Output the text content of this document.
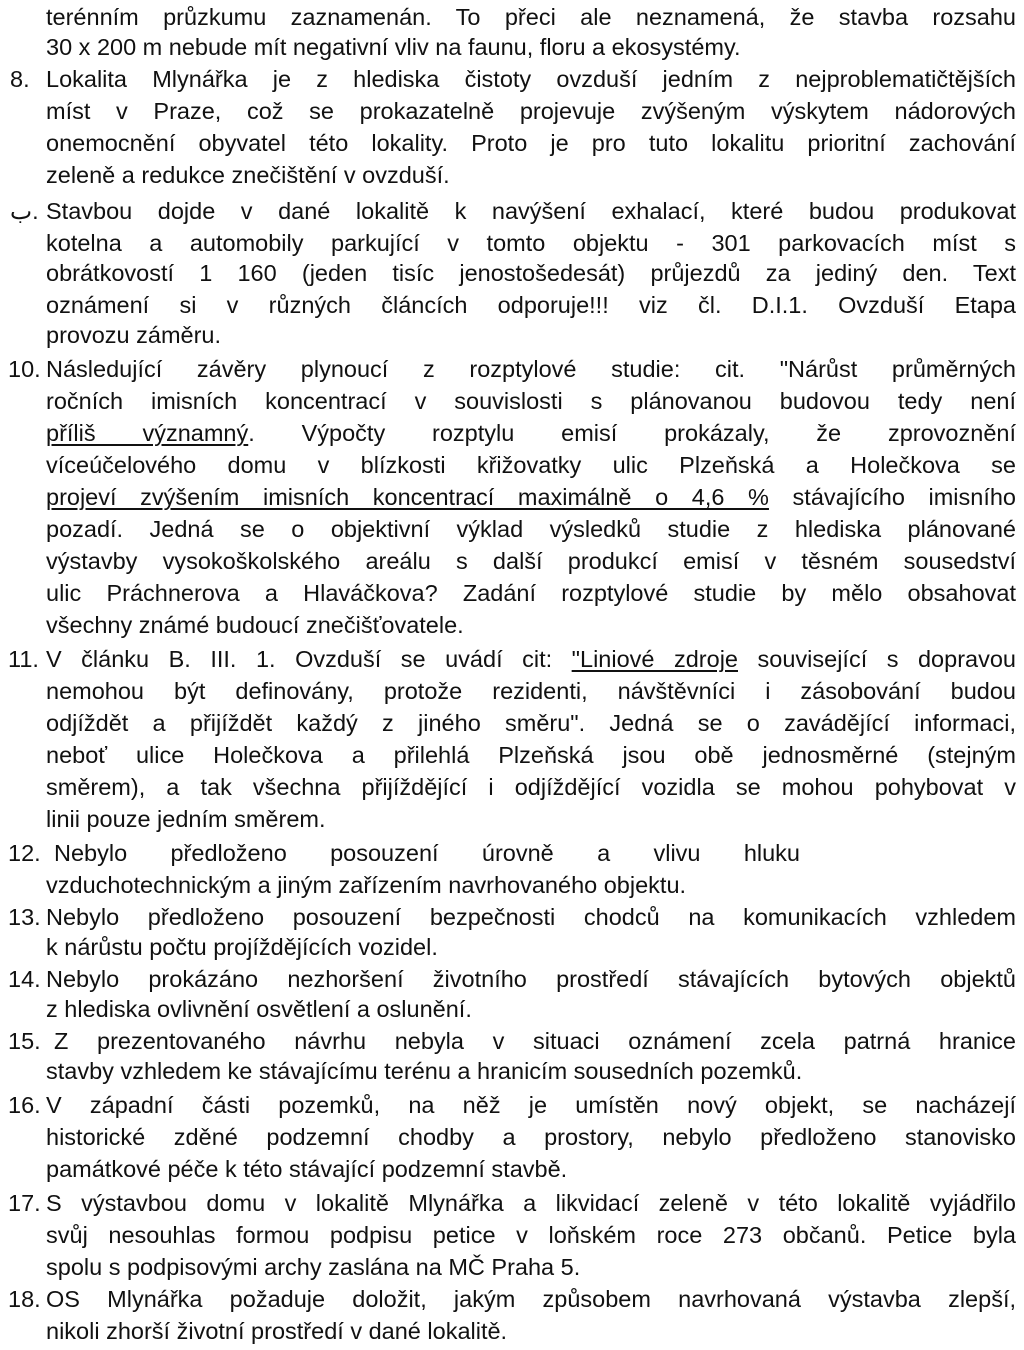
terénním průzkumu zaznamenán. To přeci ale neznamená, že stavba rozsahu
30 x 200 m nebude mít negativní vliv na faunu, floru a ekosystémy.
8. Lokalita Mlynářka je z hlediska čistoty ovzduší jedním z nejproblematičtějších
míst v Praze, což se prokazatelně projevuje zvýšeným výskytem nádorových
onemocnění obyvatel této lokality. Proto je pro tuto lokalitu prioritní zachování
zeleně a redukce znečištění v ovzduší.
ب. Stavbou dojde v dané lokalitě k navýšení exhalací, které budou produkovat
kotelna a automobily parkující v tomto objektu - 301 parkovacích míst s
obrátkovostí 1 160 (jeden tisíc jenostošedesát) průjezdů za jediný den. Text
oznámení si v různých článcích odporuje!!! viz čl. D.I.1. Ovzduší Etapa
provozu záměru.
10. Následující závěry plynoucí z rozptylové studie: cit. "Nárůst průměrných
ročních imisních koncentrací v souvislosti s plánovanou budovou tedy není
příliš významný. Výpočty rozptylu emisí prokázaly, že zprovoznění
víceúčelového domu v blízkosti křižovatky ulic Plzeňská a Holečkova se
projeví zvýšením imisních koncentrací maximálně o 4,6 % stávajícího imisního
pozadí. Jedná se o objektivní výklad výsledků studie z hlediska plánované
výstavby vysokoškolského areálu s další produkcí emisí v těsném sousedství
ulic Práchnerova a Hlaváčkova? Zadání rozptylové studie by mělo obsahovat
všechny známé budoucí znečišťovatele.
11. V článku B. III. 1. Ovzduší se uvádí cit: "Liniové zdroje související s dopravou
nemohou být definovány, protože rezidenti, návštěvníci i zásobování budou
odjíždět a přijíždět každý z jiného směru". Jedná se o zavádějící informaci,
neboť ulice Holečkova a přilehlá Plzeňská jsou obě jednosměrné (stejným
směrem), a tak všechna přijíždějící i odjíždějící vozidla se mohou pohybovat v
linii pouze jedním směrem.
12. Nebylo předloženo posouzení úrovně a vlivu hluku
vzduchotechnickým a jiným zařízením navrhovaného objektu.
13. Nebylo předloženo posouzení bezpečnosti chodců na komunikacích vzhledem
k nárůstu počtu projíždějících vozidel.
14. Nebylo prokázáno nezhoršení životního prostředí stávajících bytových objektů
z hlediska ovlivnění osvětlení a oslunění.
15. Z prezentovaného návrhu nebyla v situaci oznámení zcela patrná hranice
stavby vzhledem ke stávajícímu terénu a hranicím sousedních pozemků.
16. V západní části pozemků, na něž je umístěn nový objekt, se nacházejí
historické zděné podzemní chodby a prostory, nebylo předloženo stanovisko
památkové péče k této stávající podzemní stavbě.
17. S výstavbou domu v lokalitě Mlynářka a likvidací zeleně v této lokalitě vyjádřilo
svůj nesouhlas formou podpisu petice v loňském roce 273 občanů. Petice byla
spolu s podpisovými archy zaslána na MČ Praha 5.
18. OS Mlynářka požaduje doložit, jakým způsobem navrhovaná výstavba zlepší,
nikoli zhorší životní prostředí v dané lokalitě.
